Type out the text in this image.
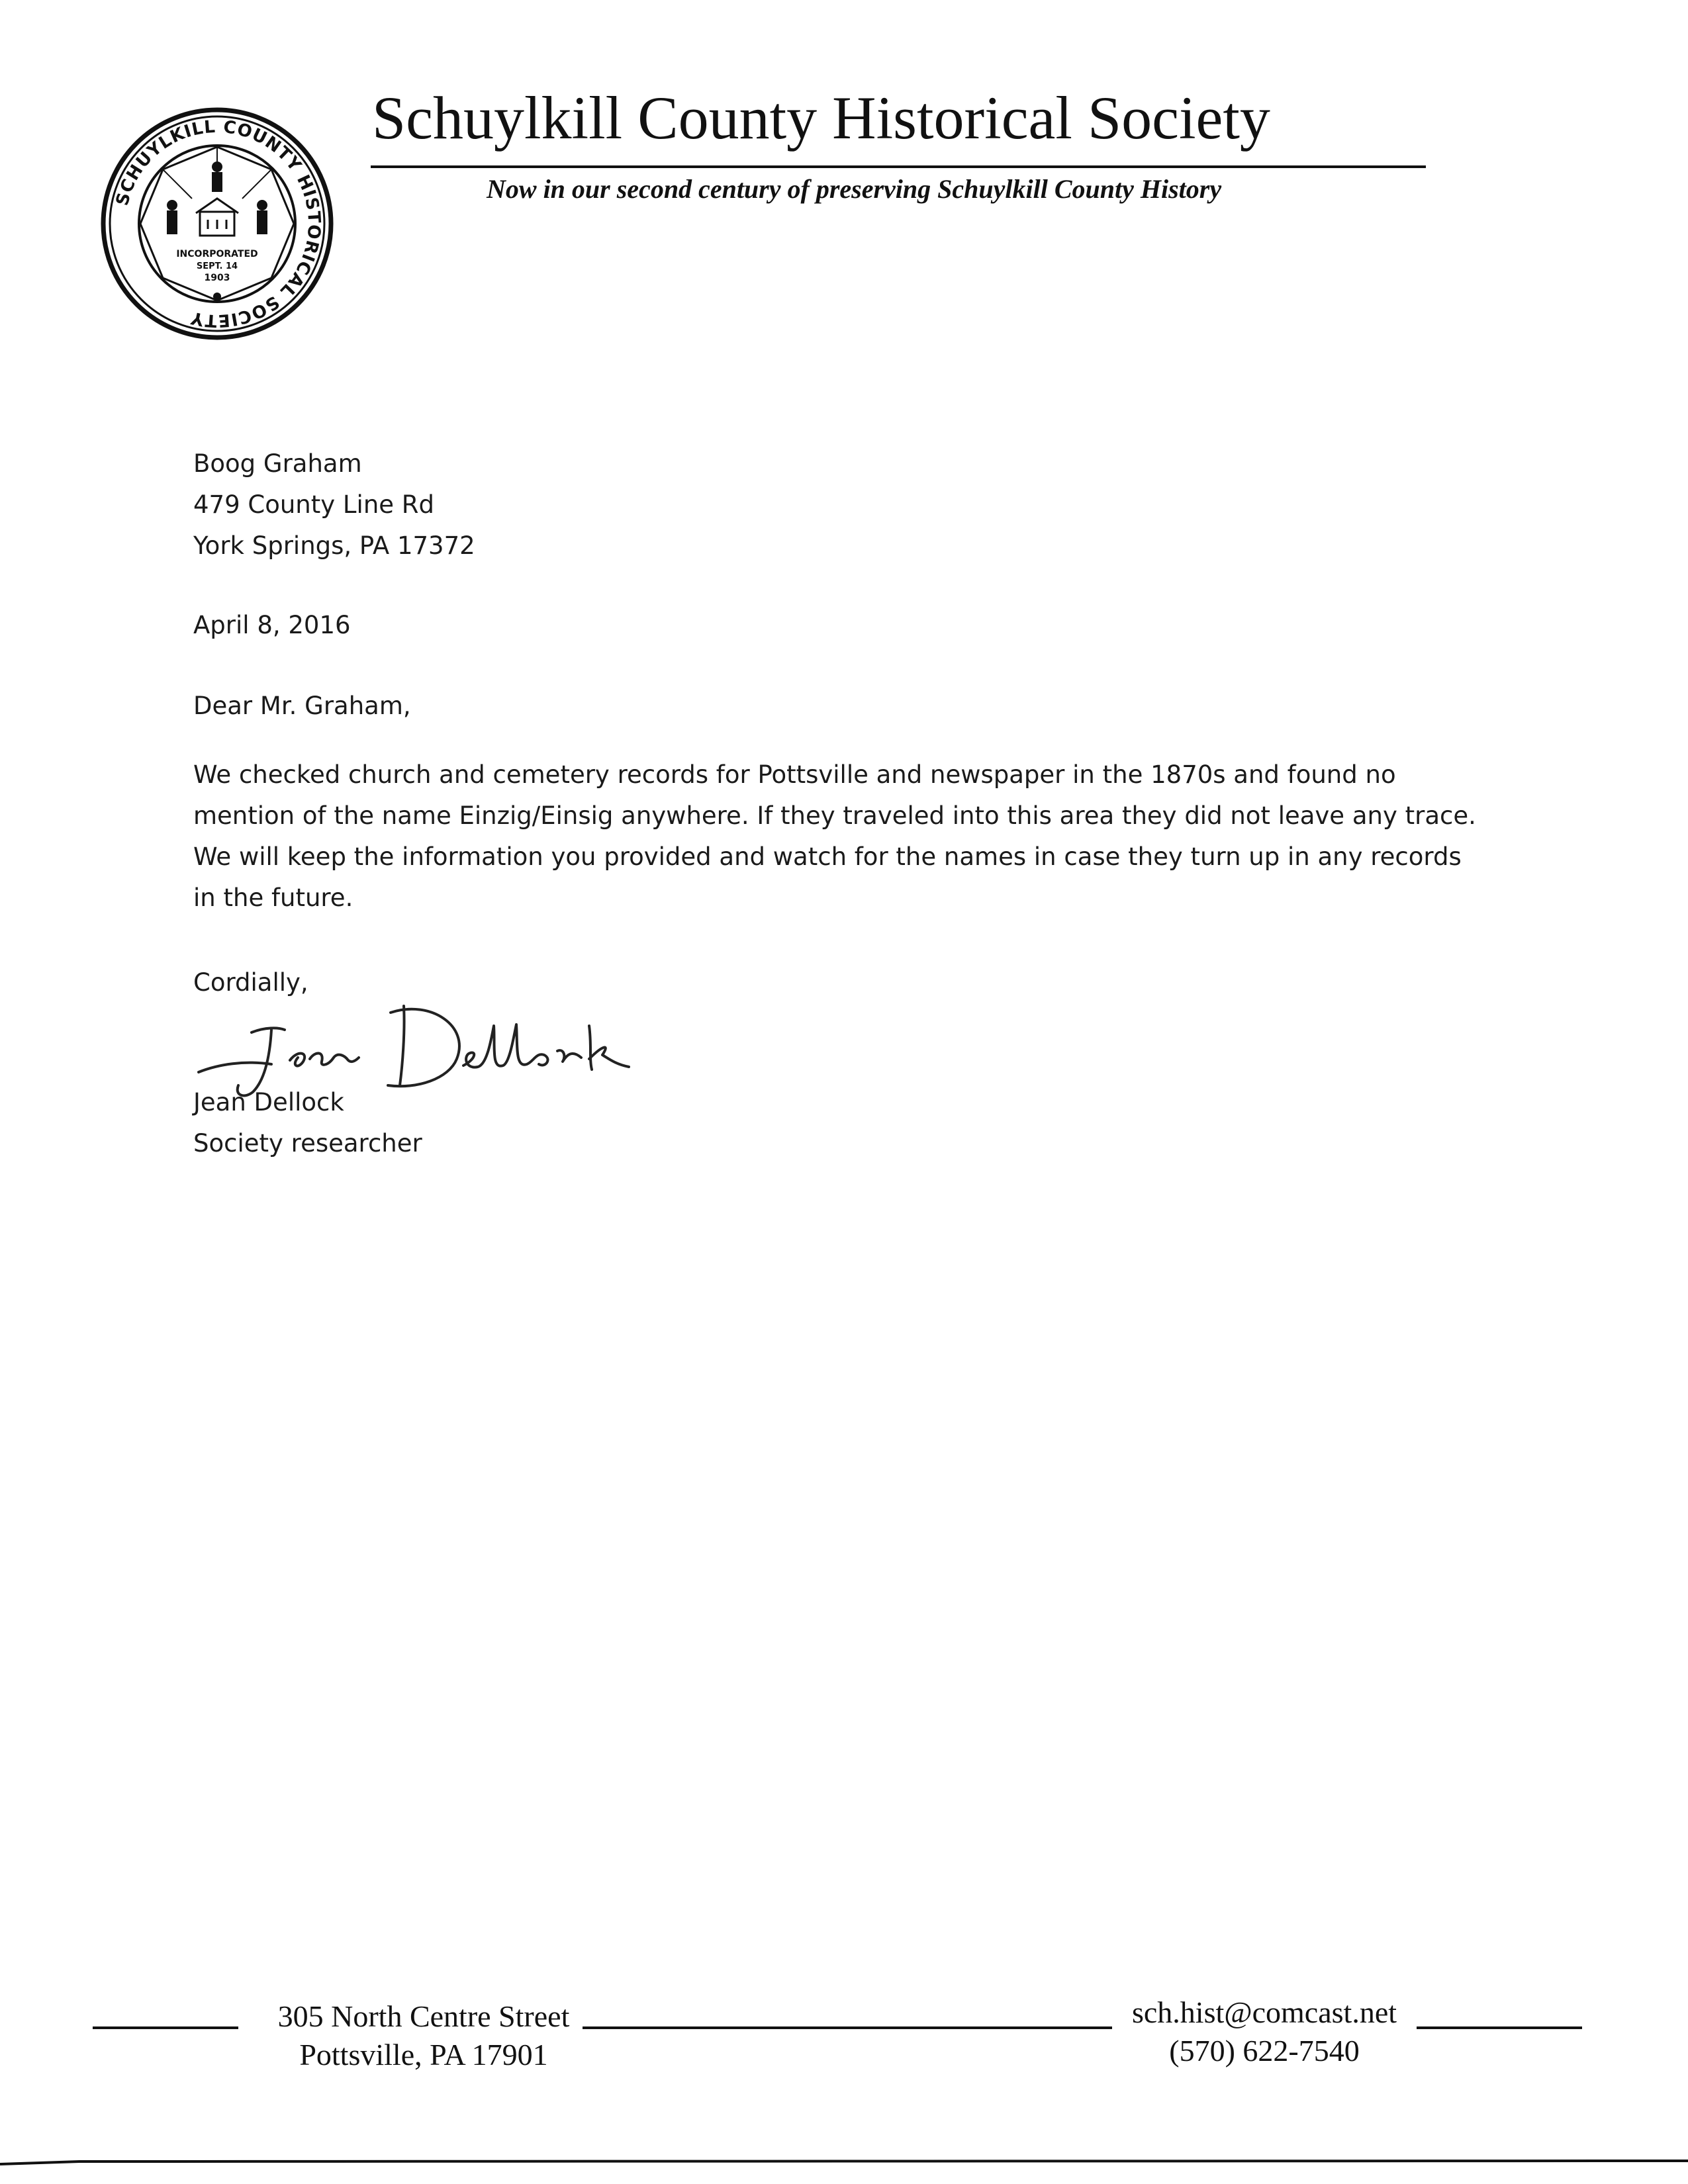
SCHUYLKILL COUNTY HISTORICAL SOCIETY
INCORPORATED
SEPT. 14
1903
Schuylkill County Historical Society
Now in our second century of preserving Schuylkill County History
Boog Graham
479 County Line Rd
York Springs, PA 17372
April 8, 2016
Dear Mr. Graham,
We checked church and cemetery records for Pottsville and newspaper in the 1870s and found no
mention of the name Einzig/Einsig anywhere. If they traveled into this area they did not leave any trace.
We will keep the information you provided and watch for the names in case they turn up in any records
in the future.
Cordially,
Jean Dellock
Society researcher
305 North Centre Street
Pottsville, PA 17901
sch.hist@comcast.net
(570) 622-7540
